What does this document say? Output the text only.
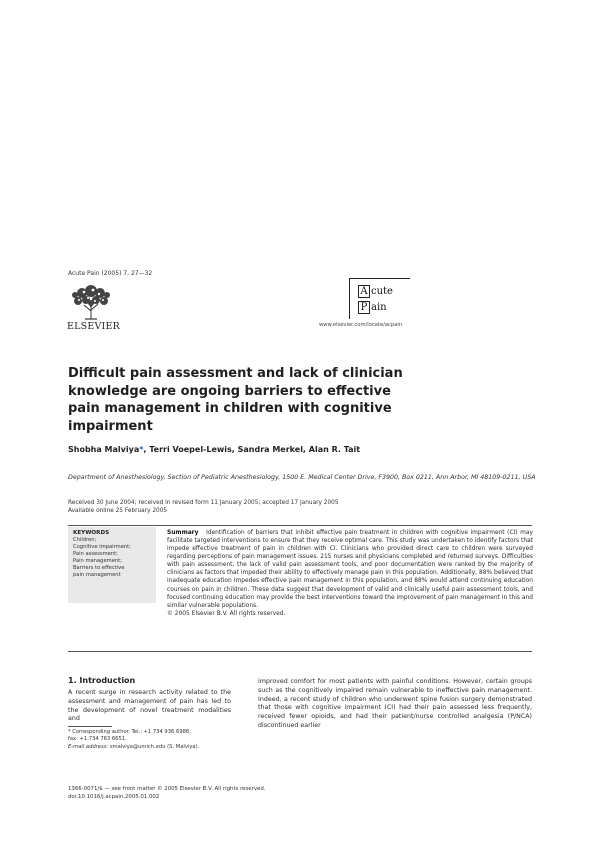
Acute Pain (2005) 7, 27—32
ELSEVIER
A cute
P ain
www.elsevier.com/locate/acpain
Difficult pain assessment and lack of clinician knowledge are ongoing barriers to effective pain management in children with cognitive impairment
Shobha Malviya*, Terri Voepel-Lewis, Sandra Merkel, Alan R. Tait
Department of Anesthesiology, Section of Pediatric Anesthesiology, 1500 E. Medical Center Drive, F3900, Box 0211, Ann Arbor, MI 48109-0211, USA
Received 30 June 2004; received in revised form 11 January 2005; accepted 17 January 2005
Available online 25 February 2005
KEYWORDS
Children;
Cognitive impairment;
Pain assessment;
Pain management;
Barriers to effective
pain management
Summary Identification of barriers that inhibit effective pain treatment in children with cognitive impairment (CI) may facilitate targeted interventions to ensure that they receive optimal care. This study was undertaken to identify factors that impede effective treatment of pain in children with CI. Clinicians who provided direct care to children were surveyed regarding perceptions of pain management issues. 215 nurses and physicians completed and returned surveys. Difficulties with pain assessment, the lack of valid pain assessment tools, and poor documentation were ranked by the majority of clinicians as factors that impeded their ability to effectively manage pain in this population. Additionally, 88% believed that inadequate education impedes effective pain management in this population, and 88% would attend continuing education courses on pain in children. These data suggest that development of valid and clinically useful pain assessment tools, and focused continuing education may provide the best interventions toward the improvement of pain management in this and similar vulnerable populations.
© 2005 Elsevier B.V. All rights reserved.
1. Introduction
A recent surge in research activity related to the assessment and management of pain has led to the development of novel treatment modalities and
improved comfort for most patients with painful conditions. However, certain groups such as the cognitively impaired remain vulnerable to ineffective pain management. Indeed, a recent study of children who underwent spine fusion surgery demonstrated that those with cognitive impairment (CI) had their pain assessed less frequently, received fewer opioids, and had their patient/nurse controlled analgesia (P/NCA) discontinued earlier
* Corresponding author. Tel.: +1 734 936 6986;
fax: +1 734 763 6651.
E-mail address: smalviya@umich.edu (S. Malviya).
1366-0071/$ — see front matter © 2005 Elsevier B.V. All rights reserved.
doi:10.1016/j.acpain.2005.01.002
